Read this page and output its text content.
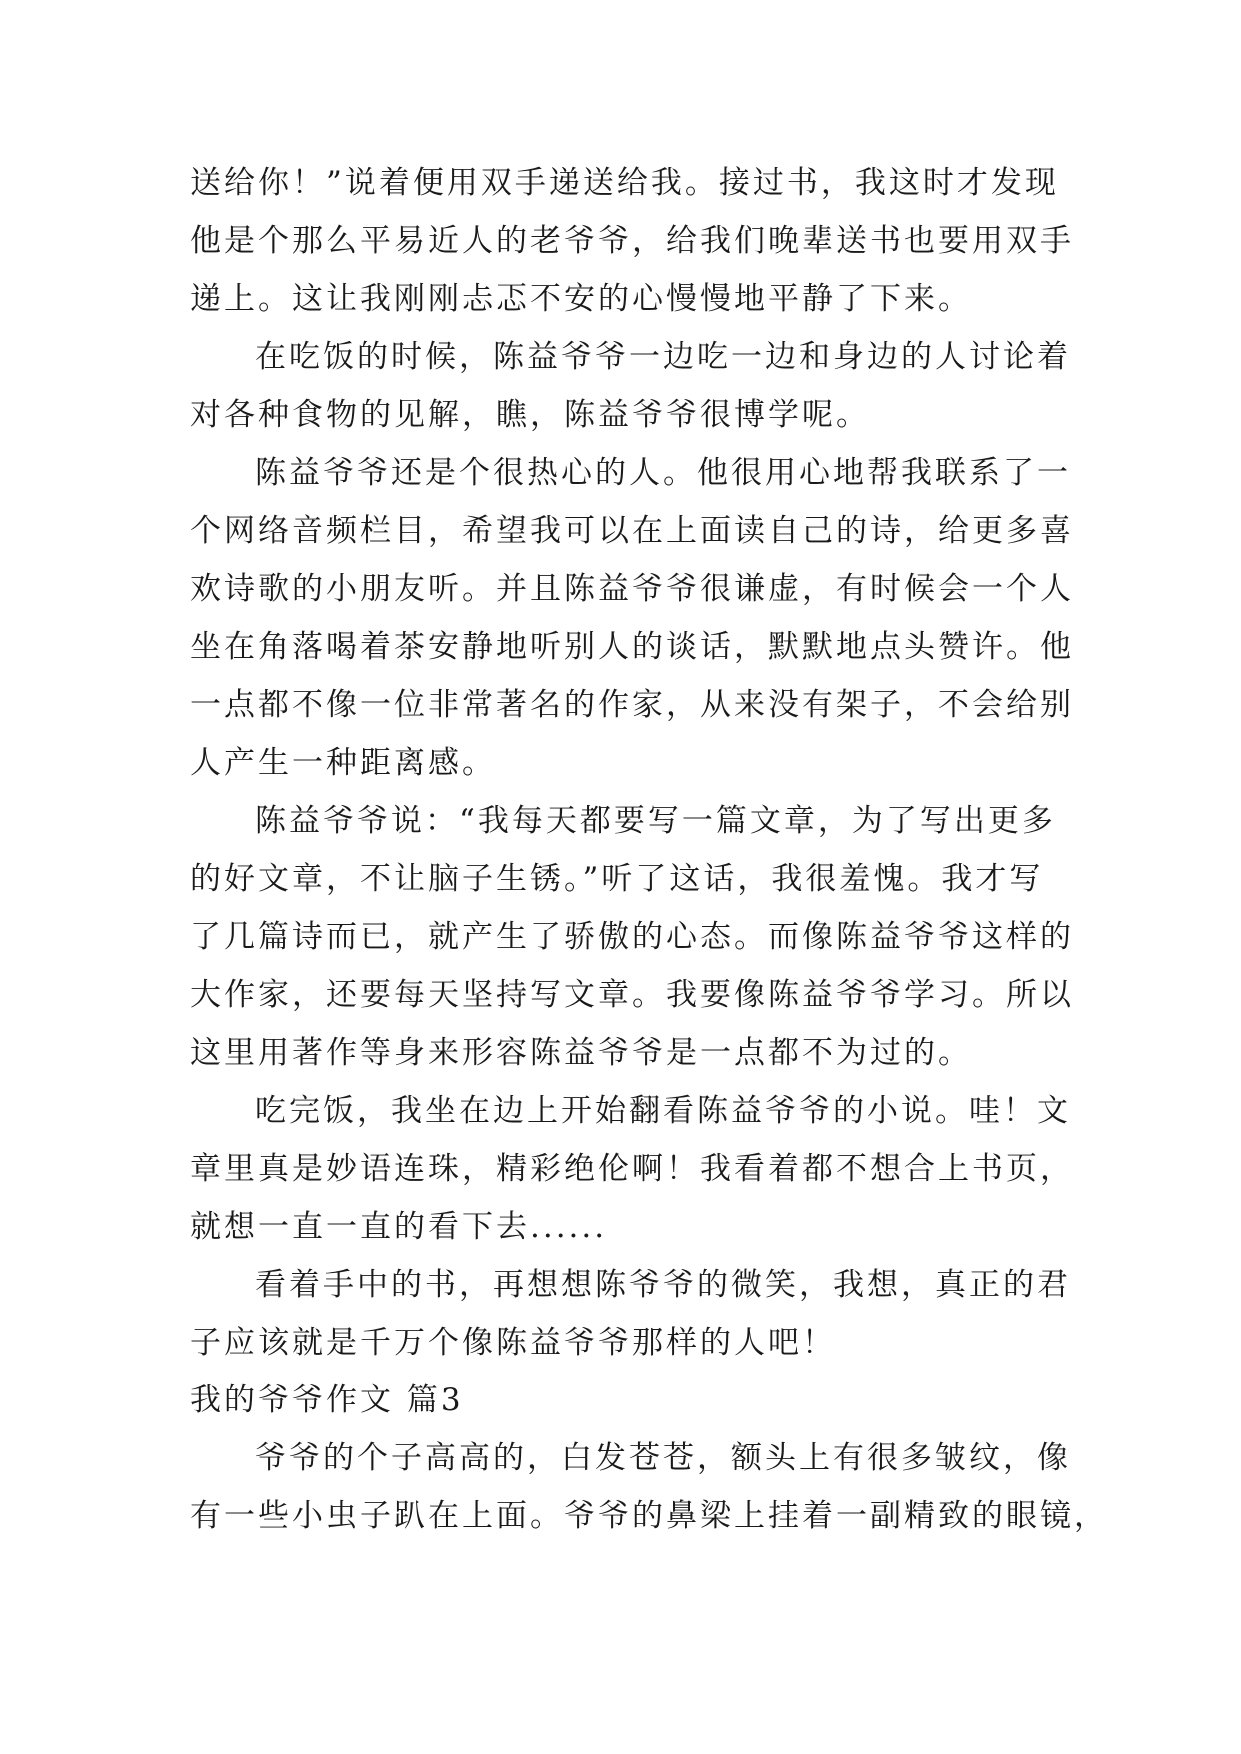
送给你！”说着便用双手递送给我。接过书，我这时才发现
他是个那么平易近人的老爷爷，给我们晚辈送书也要用双手
递上。这让我刚刚忐忑不安的心慢慢地平静了下来。
在吃饭的时候，陈益爷爷一边吃一边和身边的人讨论着
对各种食物的见解，瞧，陈益爷爷很博学呢。
陈益爷爷还是个很热心的人。他很用心地帮我联系了一
个网络音频栏目，希望我可以在上面读自己的诗，给更多喜
欢诗歌的小朋友听。并且陈益爷爷很谦虚，有时候会一个人
坐在角落喝着茶安静地听别人的谈话，默默地点头赞许。他
一点都不像一位非常著名的作家，从来没有架子，不会给别
人产生一种距离感。
陈益爷爷说：“我每天都要写一篇文章，为了写出更多
的好文章，不让脑子生锈。”听了这话，我很羞愧。我才写
了几篇诗而已，就产生了骄傲的心态。而像陈益爷爷这样的
大作家，还要每天坚持写文章。我要像陈益爷爷学习。所以
这里用著作等身来形容陈益爷爷是一点都不为过的。
吃完饭，我坐在边上开始翻看陈益爷爷的小说。哇！文
章里真是妙语连珠，精彩绝伦啊！我看着都不想合上书页，
就想一直一直的看下去......
看着手中的书，再想想陈爷爷的微笑，我想，真正的君
子应该就是千万个像陈益爷爷那样的人吧！
我的爷爷作文 篇3
爷爷的个子高高的，白发苍苍，额头上有很多皱纹，像
有一些小虫子趴在上面。爷爷的鼻梁上挂着一副精致的眼镜，
